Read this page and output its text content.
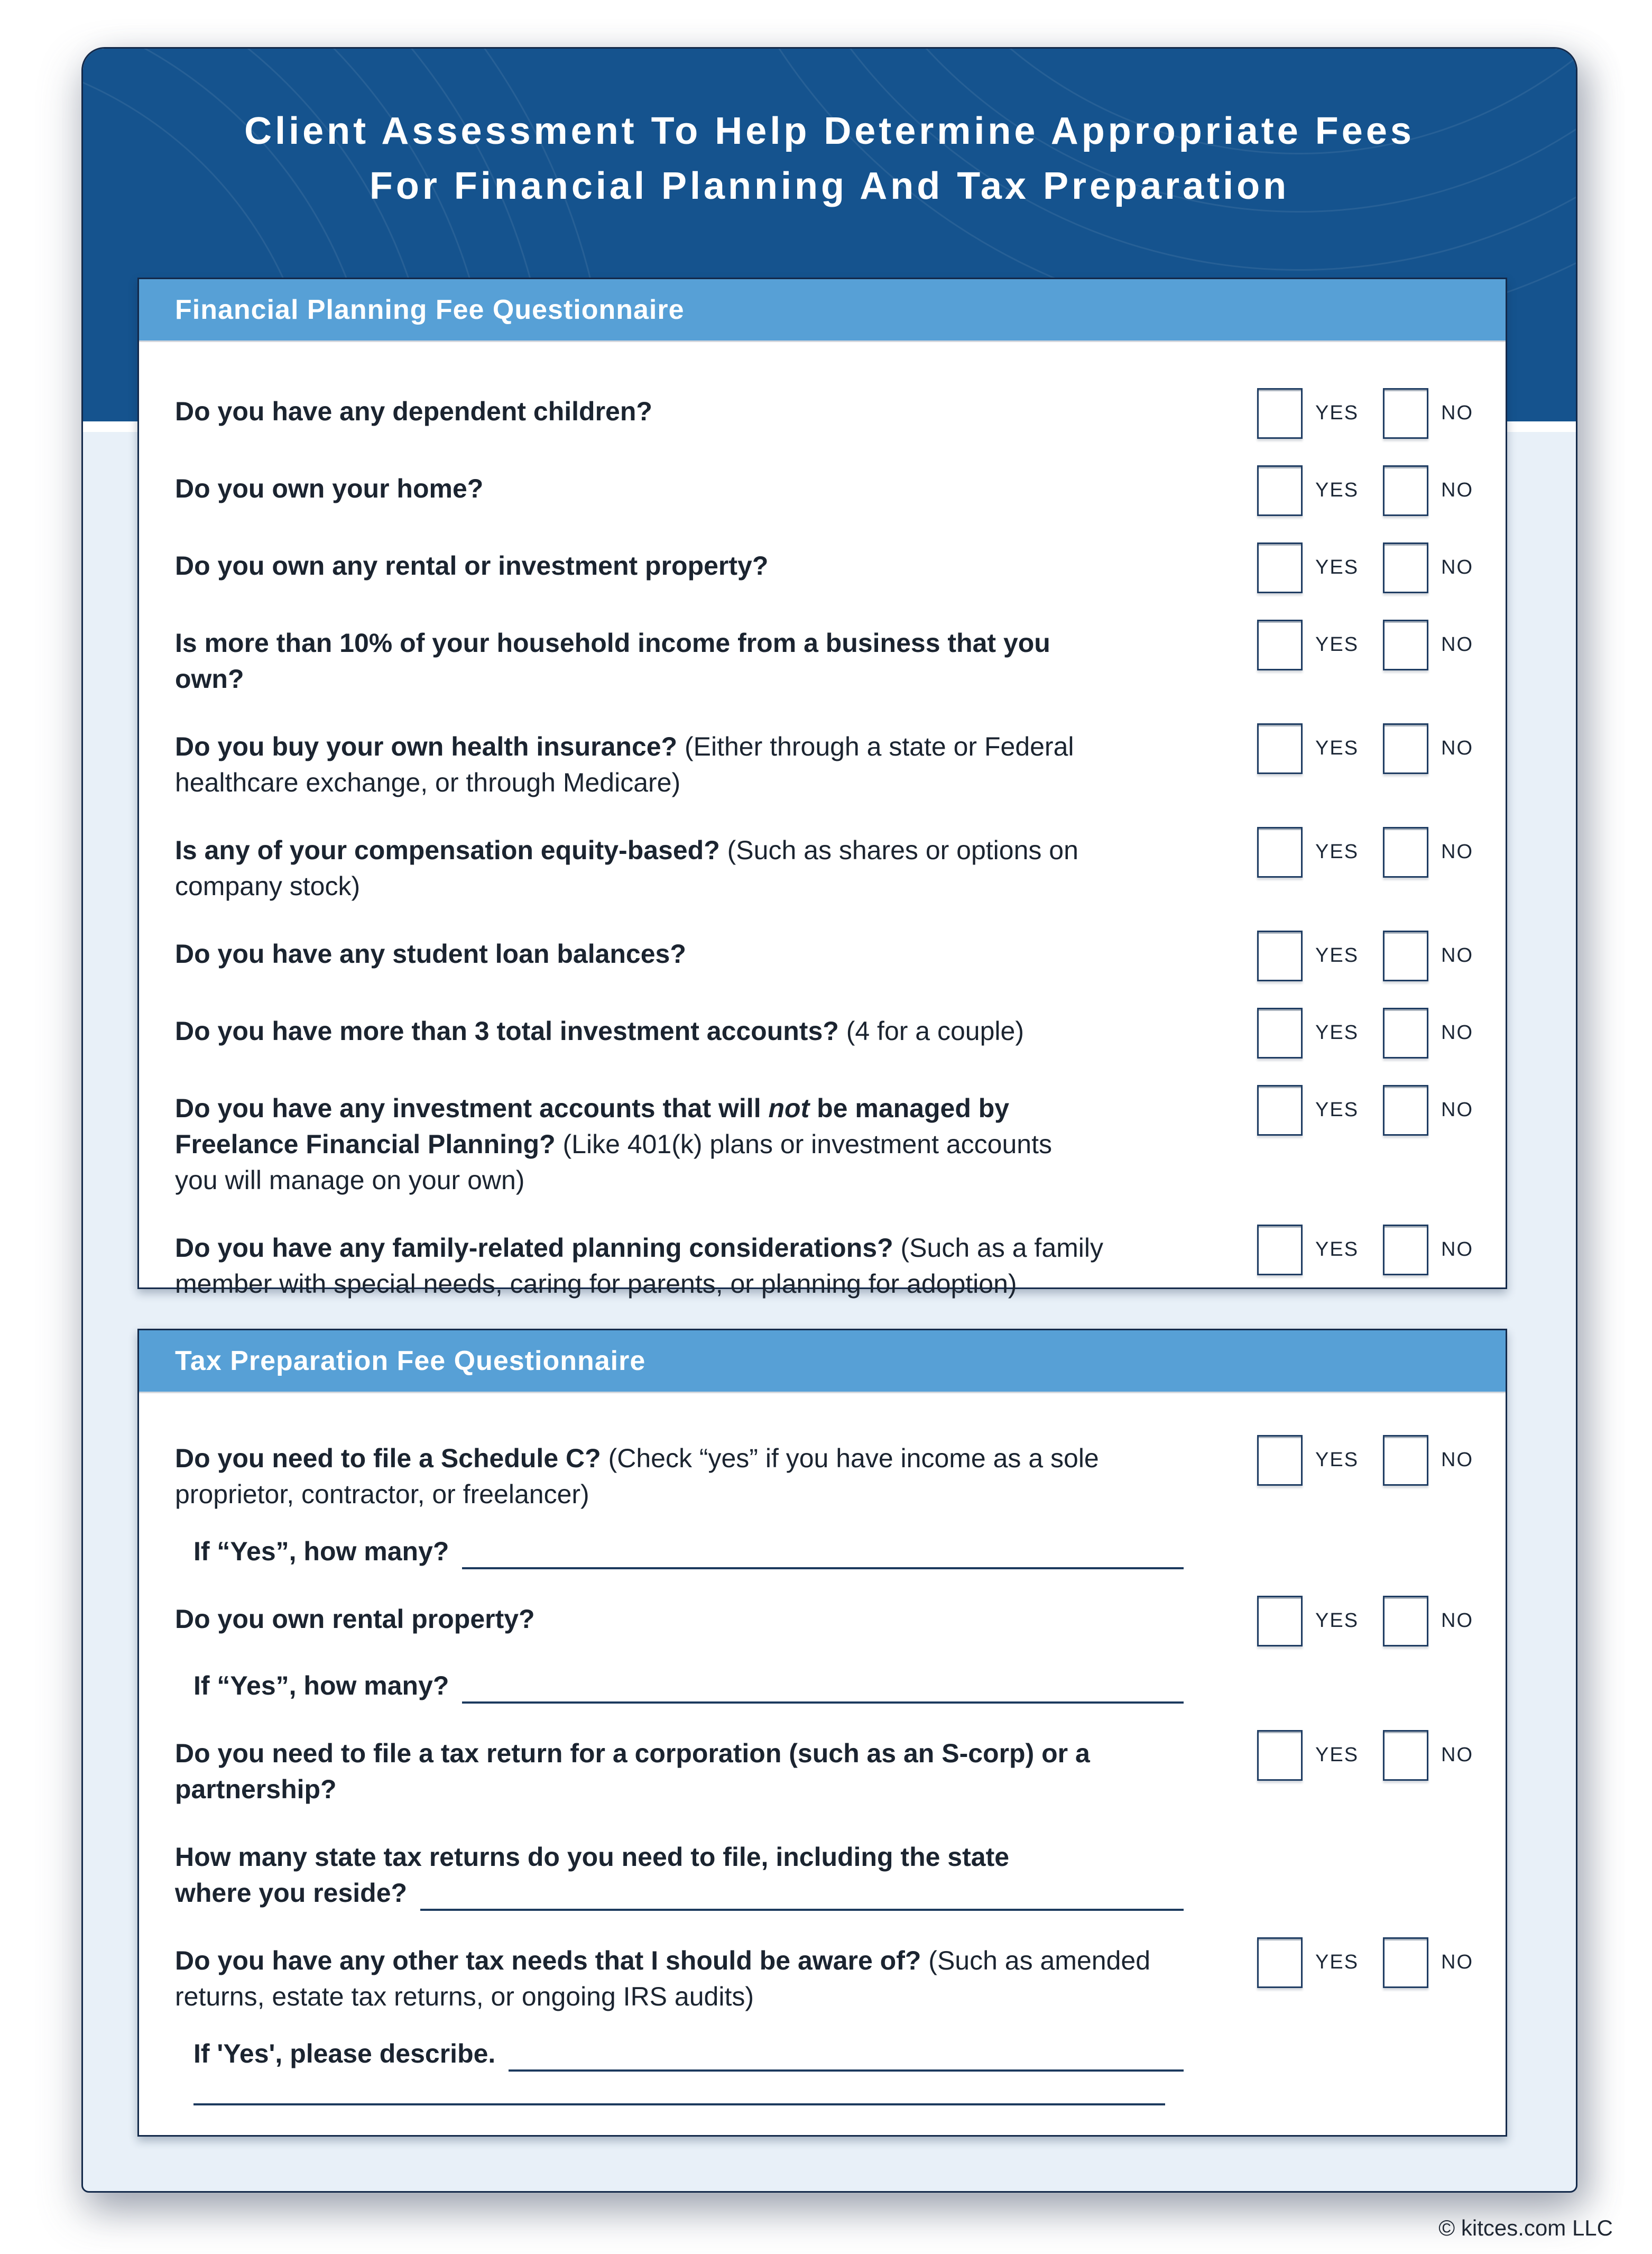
Client Assessment To Help Determine Appropriate Fees
For Financial Planning And Tax Preparation
Financial Planning Fee Questionnaire

Do you have any dependent children?	YES	NO

Do you own your home?	YES	NO

Do you own any rental or investment property?	YES	NO

Is more than 10% of your household income from a business that you own?

YES	NO

Do you buy your own health insurance? (Either through a state or Federal healthcare exchange, or through Medicare)

YES	NO

Is any of your compensation equity-based? (Such as shares or options on company stock)

YES	NO

Do you have any student loan balances?	YES	NO

Do you have more than 3 total investment accounts? (4 for a couple)	YES	NO

Do you have any investment accounts that will not be managed by Freelance Financial Planning? (Like 401(k) plans or investment accounts you will manage on your own)

YES	NO

Do you have any family-related planning considerations? (Such as a family member with special needs, caring for parents, or planning for adoption)

YES	NO
Tax Preparation Fee Questionnaire

Do you need to file a Schedule C? (Check “yes” if you have income as a sole proprietor, contractor, or freelancer)

YES	NO
If “Yes”, how many?

Do you own rental property?	YES	NO
If “Yes”, how many?

Do you need to file a tax return for a corporation (such as an S-corp) or a partnership?

YES	NO

How many state tax returns do you need to file, including the state

where you reside?

Do you have any other tax needs that I should be aware of? (Such as amended returns, estate tax returns, or ongoing IRS audits)

YES	NO
If 'Yes', please describe.
© kitces.com LLC
